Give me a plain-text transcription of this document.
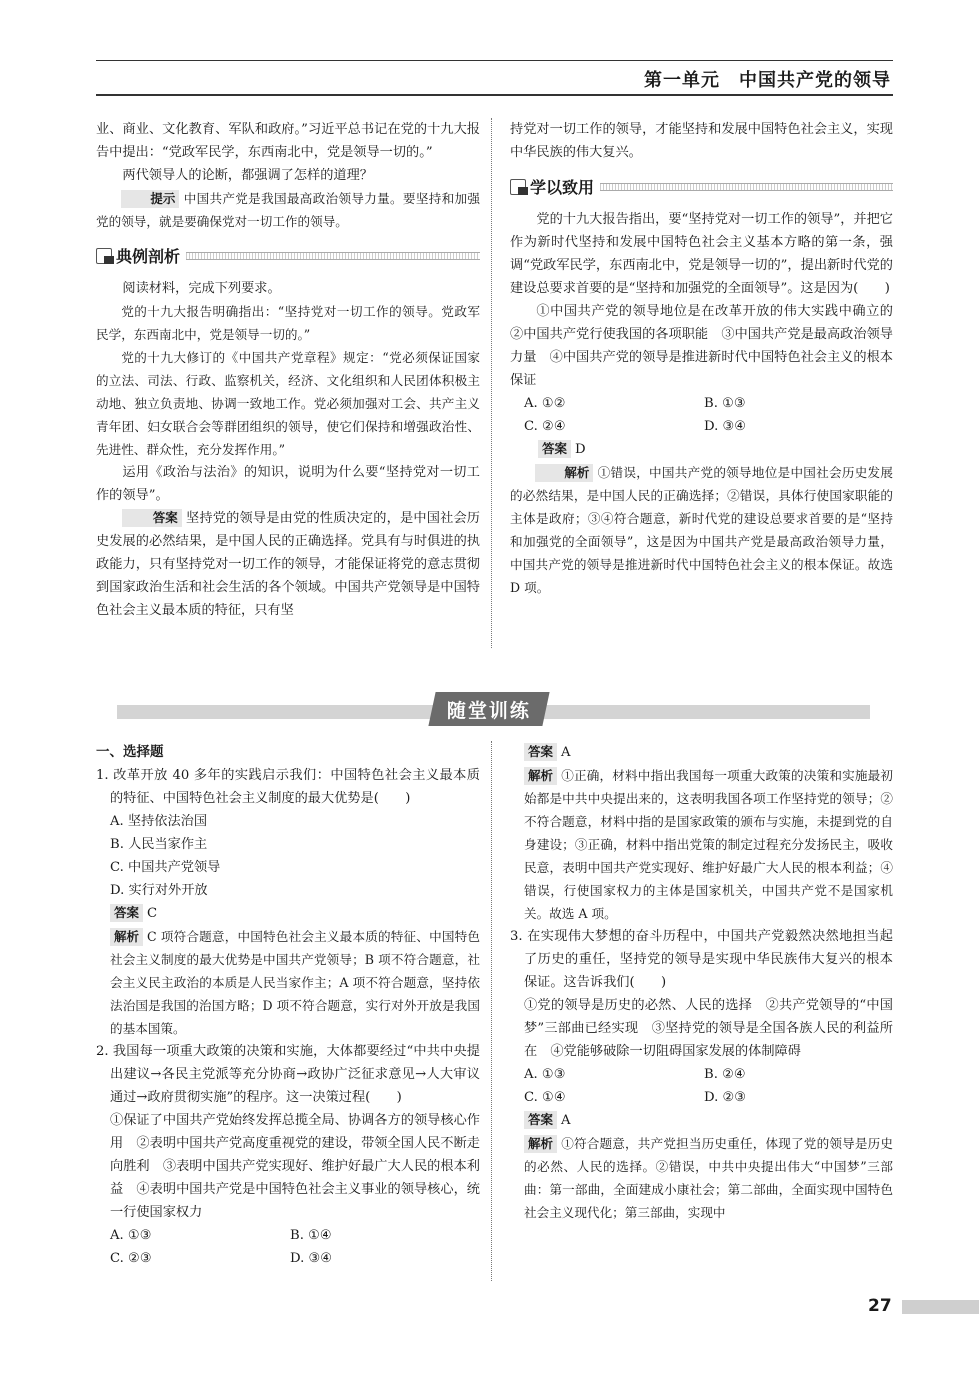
第一单元　中国共产党的领导

业、商业、文化教育、军队和政府。”习近平总书记在党的十九大报告中提出：“党政军民学，东西南北中，党是领导一切的。”

两代领导人的论断，都强调了怎样的道理？

提示 中国共产党是我国最高政治领导力量。要坚持和加强党的领导，就是要确保党对一切工作的领导。

典例剖析

阅读材料，完成下列要求。

党的十九大报告明确指出：“坚持党对一切工作的领导。党政军民学，东西南北中，党是领导一切的。”

党的十九大修订的《中国共产党章程》规定：“党必须保证国家的立法、司法、行政、监察机关，经济、文化组织和人民团体积极主动地、独立负责地、协调一致地工作。党必须加强对工会、共产主义青年团、妇女联合会等群团组织的领导，使它们保持和增强政治性、先进性、群众性，充分发挥作用。”

运用《政治与法治》的知识，说明为什么要“坚持党对一切工作的领导”。

答案 坚持党的领导是由党的性质决定的，是中国社会历史发展的必然结果，是中国人民的正确选择。党具有与时俱进的执政能力，只有坚持党对一切工作的领导，才能保证将党的意志贯彻到国家政治生活和社会生活的各个领域。中国共产党领导是中国特色社会主义最本质的特征，只有坚

持党对一切工作的领导，才能坚持和发展中国特色社会主义，实现中华民族的伟大复兴。

学以致用

党的十九大报告指出，要“坚持党对一切工作的领导”，并把它作为新时代坚持和发展中国特色社会主义基本方略的第一条，强调“党政军民学，东西南北中，党是领导一切的”，提出新时代党的建设总要求首要的是“坚持和加强党的全面领导”。这是因为(　　)

①中国共产党的领导地位是在改革开放的伟大实践中确立的　②中国共产党行使我国的各项职能　③中国共产党是最高政治领导力量　④中国共产党的领导是推进新时代中国特色社会主义的根本保证

A. ①②	B. ①③
C. ②④	D. ③④

答案 D

解析 ①错误，中国共产党的领导地位是中国社会历史发展的必然结果，是中国人民的正确选择；②错误，具体行使国家职能的主体是政府；③④符合题意，新时代党的建设总要求首要的是“坚持和加强党的全面领导”，这是因为中国共产党是最高政治领导力量，中国共产党的领导是推进新时代中国特色社会主义的根本保证。故选 D 项。

随堂训练

一、选择题

1. 改革开放 40 多年的实践启示我们：中国特色社会主义最本质的特征、中国特色社会主义制度的最大优势是(　　)

A. 坚持依法治国

B. 人民当家作主

C. 中国共产党领导

D. 实行对外开放

答案 C

解析 C 项符合题意，中国特色社会主义最本质的特征、中国特色社会主义制度的最大优势是中国共产党领导；B 项不符合题意，社会主义民主政治的本质是人民当家作主；A 项不符合题意，坚持依法治国是我国的治国方略；D 项不符合题意，实行对外开放是我国的基本国策。

2. 我国每一项重大政策的决策和实施，大体都要经过“中共中央提出建议→各民主党派等充分协商→政协广泛征求意见→人大审议通过→政府贯彻实施”的程序。这一决策过程(　　)

①保证了中国共产党始终发挥总揽全局、协调各方的领导核心作用　②表明中国共产党高度重视党的建设，带领全国人民不断走向胜利　③表明中国共产党实现好、维护好最广大人民的根本利益　④表明中国共产党是中国特色社会主义事业的领导核心，统一行使国家权力

A. ①③	B. ①④
C. ②③	D. ③④

答案 A

解析 ①正确，材料中指出我国每一项重大政策的决策和实施最初始都是中共中央提出来的，这表明我国各项工作坚持党的领导；②不符合题意，材料中指的是国家政策的颁布与实施，未提到党的自身建设；③正确，材料中指出党策的制定过程充分发扬民主，吸收民意，表明中国共产党实现好、维护好最广大人民的根本利益；④错误，行使国家权力的主体是国家机关，中国共产党不是国家机关。故选 A 项。

3. 在实现伟大梦想的奋斗历程中，中国共产党毅然决然地担当起了历史的重任，坚持党的领导是实现中华民族伟大复兴的根本保证。这告诉我们(　　)

①党的领导是历史的必然、人民的选择　②共产党领导的“中国梦”三部曲已经实现　③坚持党的领导是全国各族人民的利益所在　④党能够破除一切阻碍国家发展的体制障碍

A. ①③	B. ②④
C. ①④	D. ②③

答案 A

解析 ①符合题意，共产党担当历史重任，体现了党的领导是历史的必然、人民的选择。②错误，中共中央提出伟大“中国梦”三部曲：第一部曲，全面建成小康社会；第二部曲，全面实现中国特色社会主义现代化；第三部曲，实现中

27
